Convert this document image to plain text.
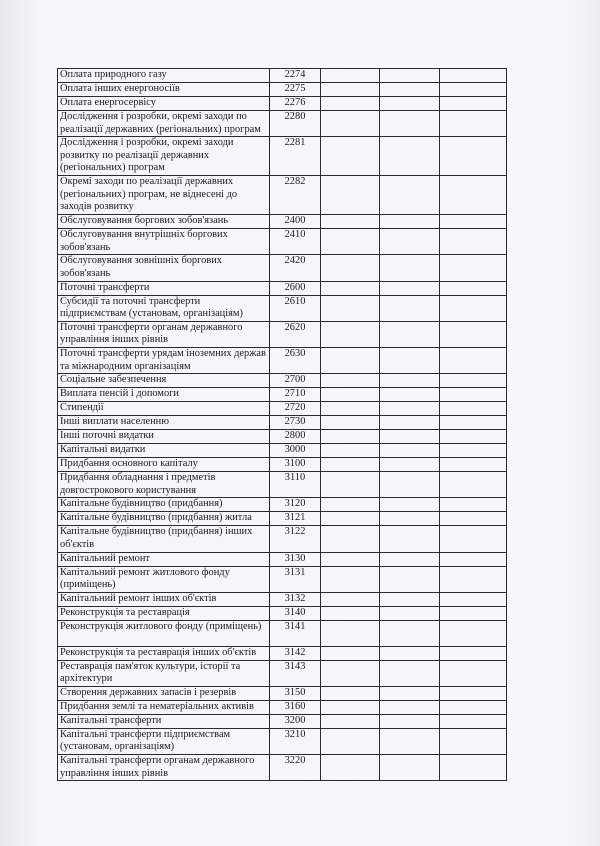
Оплата природного газу	2274			
Оплата інших енергоносіїв	2275			
Оплата енергосервісу	2276			
Дослідження і розробки, окремі заходи по реалізації державних (регіональних) програм	2280			
Дослідження і розробки, окремі заходи розвитку по реалізації державних (регіональних) програм	2281			
Окремі заходи по реалізації державних (регіональних) програм, не віднесені до заходів розвитку	2282			
Обслуговування боргових зобов'язань	2400			
Обслуговування внутрішніх боргових зобов'язань	2410			
Обслуговування зовнішніх боргових зобов'язань	2420			
Поточні трансферти	2600			
Субсидії та поточні трансферти підприємствам (установам, організаціям)	2610			
Поточні трансферти органам державного управління інших рівнів	2620			
Поточні трансферти урядам іноземних держав та міжнародним організаціям	2630			
Соціальне забезпечення	2700			
Виплата пенсій і допомоги	2710			
Стипендії	2720			
Інші виплати населенню	2730			
Інші поточні видатки	2800			
Капітальні видатки	3000			
Придбання основного капіталу	3100			
Придбання обладнання і предметів довгострокового користування	3110			
Капітальне будівництво (придбання)	3120			
Капітальне будівництво (придбання) житла	3121			
Капітальне будівництво (придбання) інших об'єктів	3122			
Капітальний ремонт	3130			
Капітальний ремонт житлового фонду (приміщень)	3131			
Капітальний ремонт інших об'єктів	3132			
Реконструкція та реставрація	3140			
Реконструкція житлового фонду (приміщень)	3141			
Реконструкція та реставрація інших об'єктів	3142			
Реставрація пам'яток культури, історії та архітектури	3143			
Створення державних запасів і резервів	3150			
Придбання землі та нематеріальних активів	3160			
Капітальні трансферти	3200			
Капітальні трансферти підприємствам (установам, організаціям)	3210			
Капітальні трансферти органам державного управління інших рівнів	3220			
